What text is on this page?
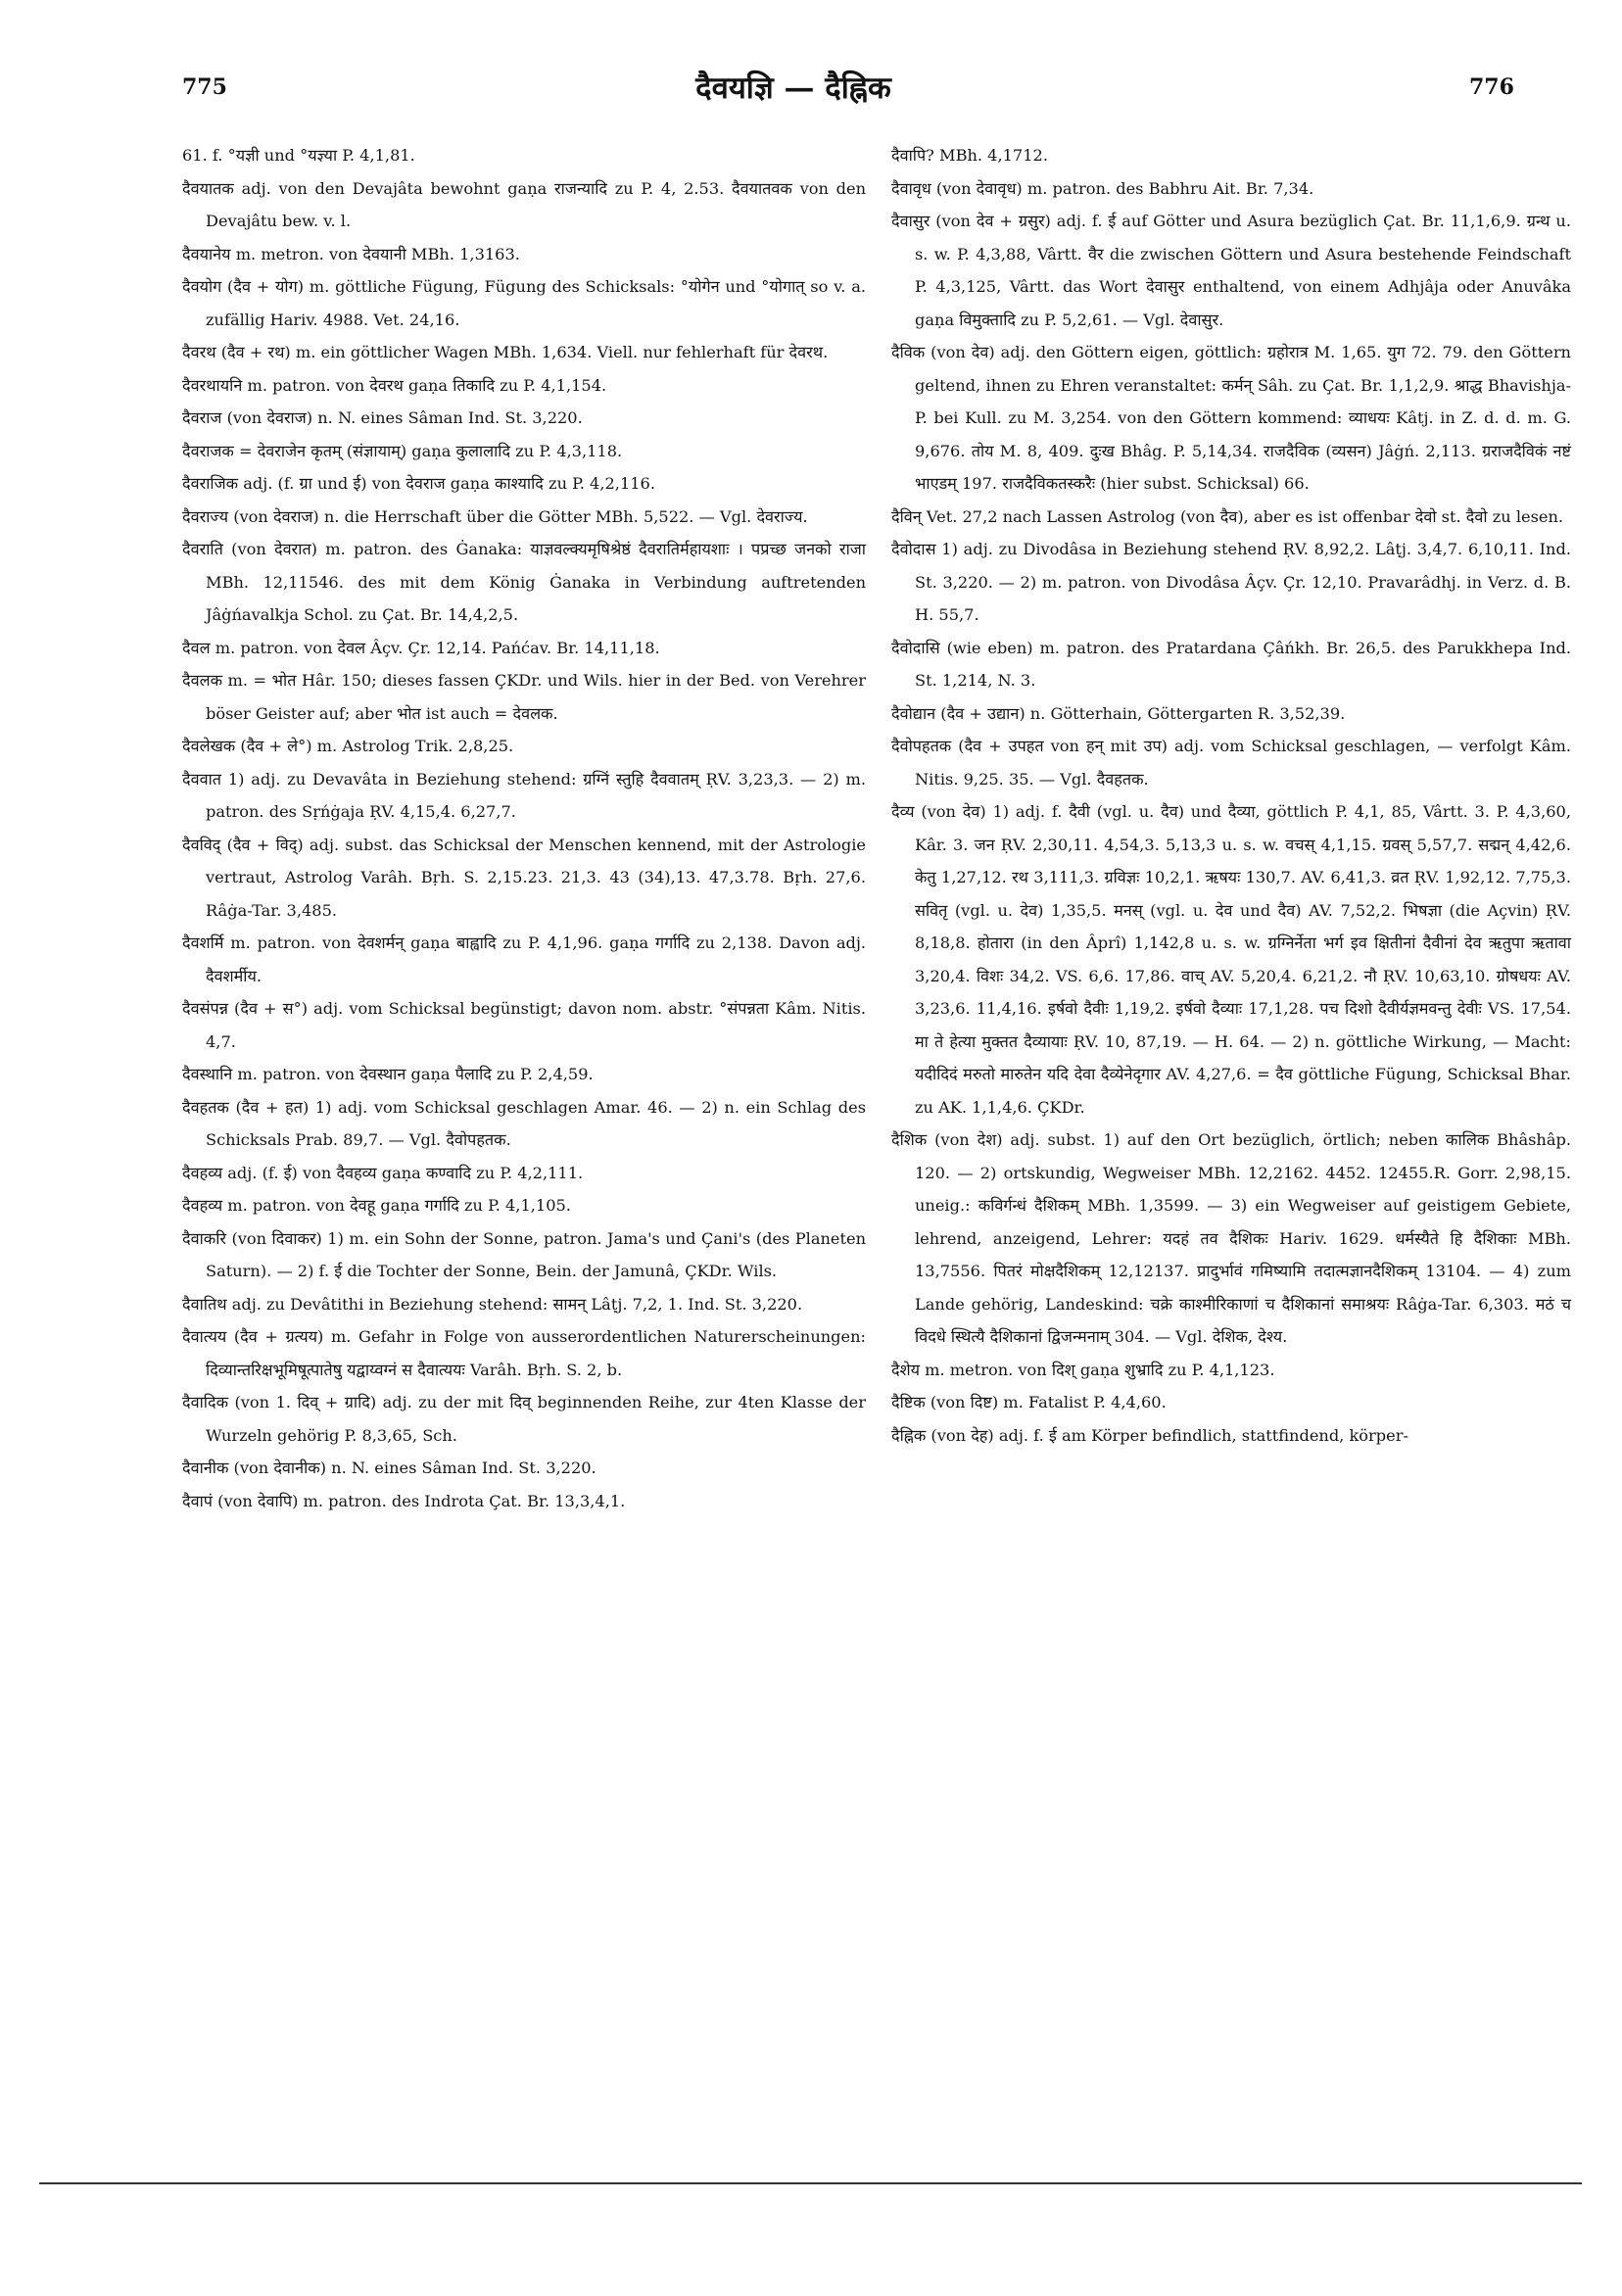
775	दैवयज्ञि — दैह्निक	776

61. f. °यज्ञी und °यज्ञ्या P. 4,1,81.

दैवयातक adj. von den Devajâta bewohnt gaṇa राजन्यादि zu P. 4, 2.53. दैवयातवक von den Devajâtu bew. v. l.

दैवयानेय m. metron. von देवयानी MBh. 1,3163.

दैवयोग (दैव + योग) m. göttliche Fügung, Fügung des Schicksals: °योगेन und °योगात् so v. a. zufällig Hariv. 4988. Vet. 24,16.

दैवरथ (दैव + रथ) m. ein göttlicher Wagen MBh. 1,634. Viell. nur fehlerhaft für देवरथ.

दैवरथायनि m. patron. von देवरथ gaṇa तिकादि zu P. 4,1,154.

दैवराज (von देवराज) n. N. eines Sâman Ind. St. 3,220.

दैवराजक = देवराजेन कृतम् (संज्ञायाम्) gaṇa कुलालादि zu P. 4,3,118.

दैवराजिक adj. (f. ग्रा und ई) von देवराज gaṇa काश्यादि zu P. 4,2,116.

दैवराज्य (von देवराज) n. die Herrschaft über die Götter MBh. 5,522. — Vgl. देवराज्य.

दैवराति (von देवरात) m. patron. des Ġanaka: याज्ञवल्क्यमृषिश्रेष्ठं दैवरातिर्महायशाः । पप्रच्छ जनको राजा MBh. 12,11546. des mit dem König Ġanaka in Verbindung auftretenden Jâġńavalkja Schol. zu Çat. Br. 14,4,2,5.

दैवल m. patron. von देवल Âçv. Çr. 12,14. Pańćav. Br. 14,11,18.

दैवलक m. = भोत Hâr. 150; dieses fassen ÇKDr. und Wils. hier in der Bed. von Verehrer böser Geister auf; aber भोत ist auch = देवलक.

दैवलेखक (दैव + ले°) m. Astrolog Trik. 2,8,25.

दैववात 1) adj. zu Devavâta in Beziehung stehend: ग्रग्निं स्तुहि दैववातम् ṚV. 3,23,3. — 2) m. patron. des Sṛńġaja ṚV. 4,15,4. 6,27,7.

दैवविद् (दैव + विद्) adj. subst. das Schicksal der Menschen kennend, mit der Astrologie vertraut, Astrolog Varâh. Bṛh. S. 2,15.23. 21,3. 43 (34),13. 47,3.78. Bṛh. 27,6. Râġa-Tar. 3,485.

दैवशर्मि m. patron. von देवशर्मन् gaṇa बाह्वादि zu P. 4,1,96. gaṇa गर्गादि zu 2,138. Davon adj. दैवशर्मीय.

दैवसंपन्न (दैव + स°) adj. vom Schicksal begünstigt; davon nom. abstr. °संपन्नता Kâm. Nitis. 4,7.

दैवस्थानि m. patron. von देवस्थान gaṇa पैलादि zu P. 2,4,59.

दैवहतक (दैव + हत) 1) adj. vom Schicksal geschlagen Amar. 46. — 2) n. ein Schlag des Schicksals Prab. 89,7. — Vgl. दैवोपहतक.

दैवहव्य adj. (f. ई) von दैवहव्य gaṇa कण्वादि zu P. 4,2,111.

दैवहव्य m. patron. von देवहू gaṇa गर्गादि zu P. 4,1,105.

दैवाकरि (von दिवाकर) 1) m. ein Sohn der Sonne, patron. Jama's und Çani's (des Planeten Saturn). — 2) f. ई die Tochter der Sonne, Bein. der Jamunâ, ÇKDr. Wils.

दैवातिथ adj. zu Devâtithi in Beziehung stehend: सामन् Lâṭj. 7,2, 1. Ind. St. 3,220.

दैवात्यय (दैव + ग्रत्यय) m. Gefahr in Folge von ausserordentlichen Naturerscheinungen: दिव्यान्तरिक्षभूमिषूत्पातेषु यद्वाय्वग्नं स दैवात्ययः Varâh. Bṛh. S. 2, b.

दैवादिक (von 1. दिव् + ग्रादि) adj. zu der mit दिव् beginnenden Reihe, zur 4ten Klasse der Wurzeln gehörig P. 8,3,65, Sch.

दैवानीक (von देवानीक) n. N. eines Sâman Ind. St. 3,220.

दैवापं (von देवापि) m. patron. des Indrota Çat. Br. 13,3,4,1.

दैवापि? MBh. 4,1712.

दैवावृध (von देवावृध) m. patron. des Babhru Ait. Br. 7,34.

दैवासुर (von देव + ग्रसुर) adj. f. ई auf Götter und Asura bezüglich Çat. Br. 11,1,6,9. ग्रन्थ u. s. w. P. 4,3,88, Vârtt. वैर die zwischen Göttern und Asura bestehende Feindschaft P. 4,3,125, Vârtt. das Wort देवासुर enthaltend, von einem Adhjâja oder Anuvâka gaṇa विमुक्तादि zu P. 5,2,61. — Vgl. देवासुर.

दैविक (von देव) adj. den Göttern eigen, göttlich: ग्रहोरात्र M. 1,65. युग 72. 79. den Göttern geltend, ihnen zu Ehren veranstaltet: कर्मन् Sâh. zu Çat. Br. 1,1,2,9. श्राद्ध Bhavishja-P. bei Kull. zu M. 3,254. von den Göttern kommend: व्याधयः Kâtj. in Z. d. d. m. G. 9,676. तोय M. 8, 409. दुःख Bhâg. P. 5,14,34. राजदैविक (व्यसन) Jâġń. 2,113. ग्रराजदैविकं नष्टं भाएडम् 197. राजदैविकतस्करैः (hier subst. Schicksal) 66.

दैविन् Vet. 27,2 nach Lassen Astrolog (von दैव), aber es ist offenbar देवो st. दैवो zu lesen.

दैवोदास 1) adj. zu Divodâsa in Beziehung stehend ṚV. 8,92,2. Lâṭj. 3,4,7. 6,10,11. Ind. St. 3,220. — 2) m. patron. von Divodâsa Âçv. Çr. 12,10. Pravarâdhj. in Verz. d. B. H. 55,7.

दैवोदासि (wie eben) m. patron. des Pratardana Çâńkh. Br. 26,5. des Parukkhepa Ind. St. 1,214, N. 3.

दैवोद्यान (दैव + उद्यान) n. Götterhain, Göttergarten R. 3,52,39.

दैवोपहतक (दैव + उपहत von हन् mit उप) adj. vom Schicksal geschlagen, — verfolgt Kâm. Nitis. 9,25. 35. — Vgl. दैवहतक.

दैव्य (von देव) 1) adj. f. दैवी (vgl. u. दैव) und दैव्या, göttlich P. 4,1, 85, Vârtt. 3. P. 4,3,60, Kâr. 3. जन ṚV. 2,30,11. 4,54,3. 5,13,3 u. s. w. वचस् 4,1,15. ग्रवस् 5,57,7. सद्मन् 4,42,6. केतु 1,27,12. रथ 3,111,3. ग्रविज्ञः 10,2,1. ऋषयः 130,7. AV. 6,41,3. व्रत ṚV. 1,92,12. 7,75,3. सवितृ (vgl. u. देव) 1,35,5. मनस् (vgl. u. देव und दैव) AV. 7,52,2. भिषज्ञा (die Açvin) ṚV. 8,18,8. होतारा (in den Âprî) 1,142,8 u. s. w. ग्रग्निर्नेता भर्ग इव क्षितीनां दैवीनां देव ऋतुपा ऋतावा 3,20,4. विशः 34,2. VS. 6,6. 17,86. वाच् AV. 5,20,4. 6,21,2. नौ ṚV. 10,63,10. ग्रोषधयः AV. 3,23,6. 11,4,16. इर्षवो दैवीः 1,19,2. इर्षवो दैव्याः 17,1,28. पच दिशो दैवीर्यज्ञमवन्तु देवीः VS. 17,54. मा ते हेत्या मुक्तत दैव्यायाः ṚV. 10, 87,19. — H. 64. — 2) n. göttliche Wirkung, — Macht: यदीदिदं मरुतो मारुतेन यदि देवा दैव्येनेदृगार AV. 4,27,6. = दैव göttliche Fügung, Schicksal Bhar. zu AK. 1,1,4,6. ÇKDr.

दैशिक (von देश) adj. subst. 1) auf den Ort bezüglich, örtlich; neben कालिक Bhâshâp. 120. — 2) ortskundig, Wegweiser MBh. 12,2162. 4452. 12455.R. Gorr. 2,98,15. uneig.: कविर्गन्धं दैशिकम् MBh. 1,3599. — 3) ein Wegweiser auf geistigem Gebiete, lehrend, anzeigend, Lehrer: यदहं तव दैशिकः Hariv. 1629. धर्मस्यैते हि दैशिकाः MBh. 13,7556. पितरं मोक्षदैशिकम् 12,12137. प्रादुर्भावं गमिष्यामि तदात्मज्ञानदैशिकम् 13104. — 4) zum Lande gehörig, Landeskind: चक्रे काश्मीरिकाणां च दैशिकानां समाश्रयः Râġa-Tar. 6,303. मठं च विदधे स्थित्यै दैशिकानां द्विजन्मनाम् 304. — Vgl. देशिक, देश्य.

दैशेय m. metron. von दिश् gaṇa शुभ्रादि zu P. 4,1,123.

दैष्टिक (von दिष्ट) m. Fatalist P. 4,4,60.

दैह्निक (von देह) adj. f. ई am Körper befindlich, stattfindend, körper-
